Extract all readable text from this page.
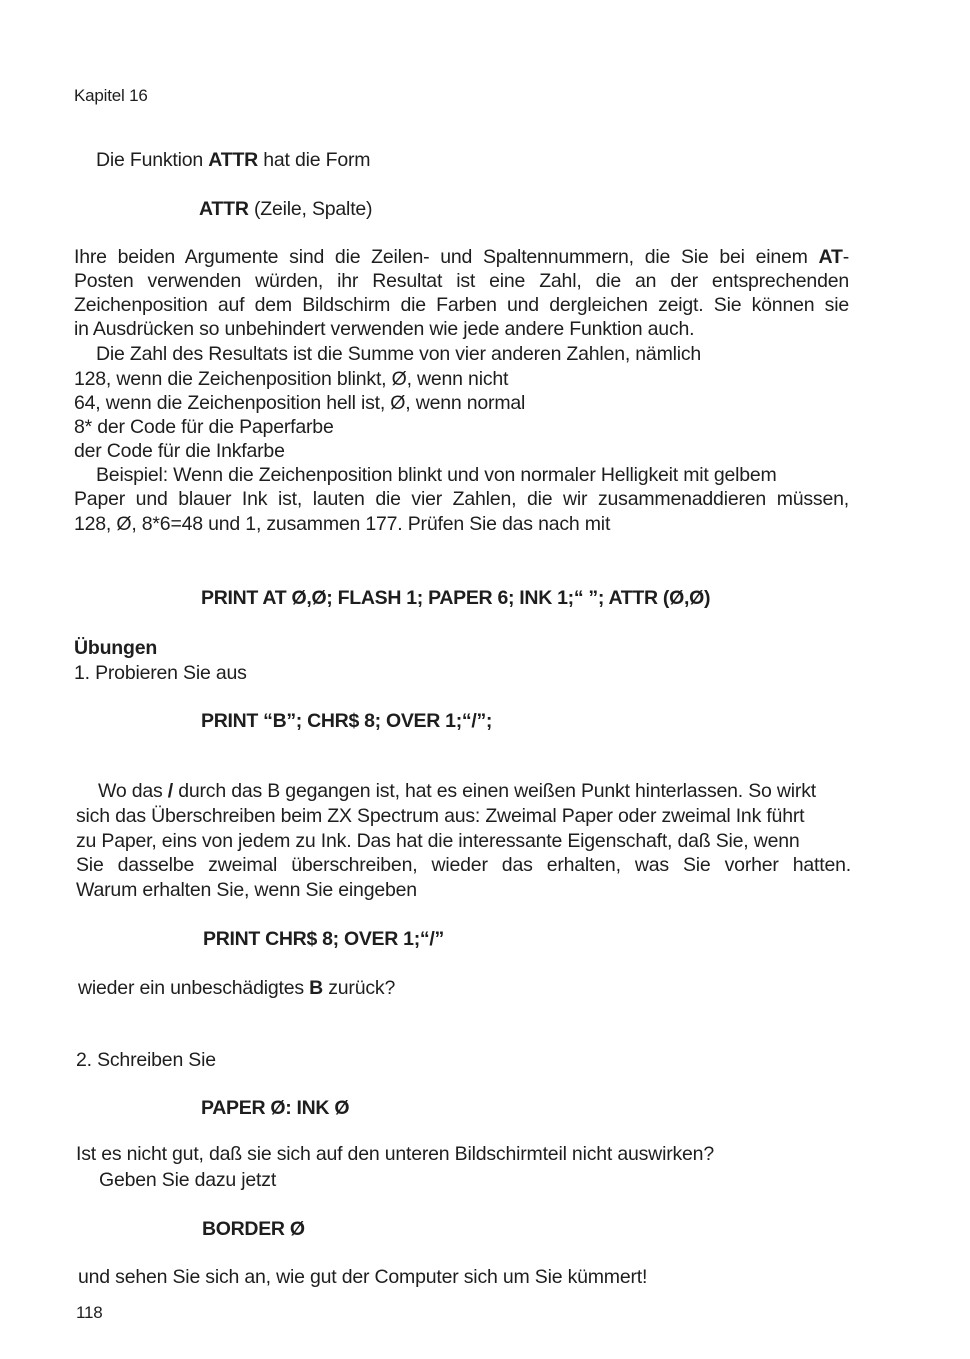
Kapitel 16
Die Funktion ATTR hat die Form
ATTR (Zeile, Spalte)
Ihre beiden Argumente sind die Zeilen- und Spaltennummern, die Sie bei einem AT-
Posten verwenden würden, ihr Resultat ist eine Zahl, die an der entsprechenden
Zeichenposition auf dem Bildschirm die Farben und dergleichen zeigt. Sie können sie
in Ausdrücken so unbehindert verwenden wie jede andere Funktion auch.
Die Zahl des Resultats ist die Summe von vier anderen Zahlen, nämlich
128, wenn die Zeichenposition blinkt, Ø, wenn nicht
64, wenn die Zeichenposition hell ist, Ø, wenn normal
8* der Code für die Paperfarbe
der Code für die Inkfarbe
Beispiel: Wenn die Zeichenposition blinkt und von normaler Helligkeit mit gelbem
Paper und blauer Ink ist, lauten die vier Zahlen, die wir zusammenaddieren müssen,
128, Ø, 8*6=48 und 1, zusammen 177. Prüfen Sie das nach mit
PRINT AT Ø,Ø; FLASH 1; PAPER 6; INK 1;“ ”; ATTR (Ø,Ø)
Übungen
1. Probieren Sie aus
PRINT “B”; CHR$ 8; OVER 1;“/”;
Wo das / durch das B gegangen ist, hat es einen weißen Punkt hinterlassen. So wirkt
sich das Überschreiben beim ZX Spectrum aus: Zweimal Paper oder zweimal Ink führt
zu Paper, eins von jedem zu Ink. Das hat die interessante Eigenschaft, daß Sie, wenn
Sie dasselbe zweimal überschreiben, wieder das erhalten, was Sie vorher hatten.
Warum erhalten Sie, wenn Sie eingeben
PRINT CHR$ 8; OVER 1;“/”
wieder ein unbeschädigtes B zurück?
2. Schreiben Sie
PAPER Ø: INK Ø
Ist es nicht gut, daß sie sich auf den unteren Bildschirmteil nicht auswirken?
Geben Sie dazu jetzt
BORDER Ø
und sehen Sie sich an, wie gut der Computer sich um Sie kümmert!
118
